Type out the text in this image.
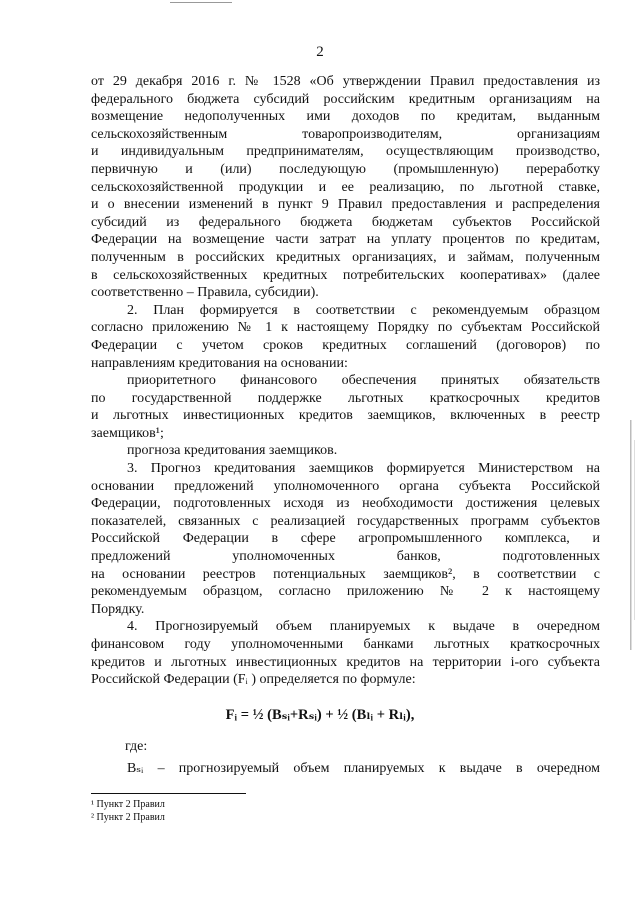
2

от 29 декабря 2016 г. № 1528 «Об утверждении Правил предоставления из

федерального бюджета субсидий российским кредитным организациям на

возмещение недополученных ими доходов по кредитам, выданным

сельскохозяйственным товаропроизводителям, организациям

и индивидуальным предпринимателям, осуществляющим производство,

первичную и (или) последующую (промышленную) переработку

сельскохозяйственной продукции и ее реализацию, по льготной ставке,

и о внесении изменений в пункт 9 Правил предоставления и распределения

субсидий из федерального бюджета бюджетам субъектов Российской

Федерации на возмещение части затрат на уплату процентов по кредитам,

полученным в российских кредитных организациях, и займам, полученным

в сельскохозяйственных кредитных потребительских кооперативах» (далее

соответственно – Правила, субсидии).

2. План формируется в соответствии с рекомендуемым образцом

согласно приложению № 1 к настоящему Порядку по субъектам Российской

Федерации с учетом сроков кредитных соглашений (договоров) по

направлениям кредитования на основании:

приоритетного финансового обеспечения принятых обязательств

по государственной поддержке льготных краткосрочных кредитов

и льготных инвестиционных кредитов заемщиков, включенных в реестр

заемщиков¹;

прогноза кредитования заемщиков.

3. Прогноз кредитования заемщиков формируется Министерством на

основании предложений уполномоченного органа субъекта Российской

Федерации, подготовленных исходя из необходимости достижения целевых

показателей, связанных с реализацией государственных программ субъектов

Российской Федерации в сфере агропромышленного комплекса, и

предложений уполномоченных банков, подготовленных

на основании реестров потенциальных заемщиков², в соответствии с

рекомендуемым образцом, согласно приложению № 2 к настоящему

Порядку.

4. Прогнозируемый объем планируемых к выдаче в очередном

финансовом году уполномоченными банками льготных краткосрочных

кредитов и льготных инвестиционных кредитов на территории i-ого субъекта

Российской Федерации (Fᵢ ) определяется по формуле:

Fᵢ = ½ (Bₛᵢ+Rₛᵢ) + ½ (Bₗᵢ + Rₗᵢ),
где:
Bₛᵢ – прогнозируемый объем планируемых к выдаче в очередном
¹ Пункт 2 Правил
² Пункт 2 Правил
